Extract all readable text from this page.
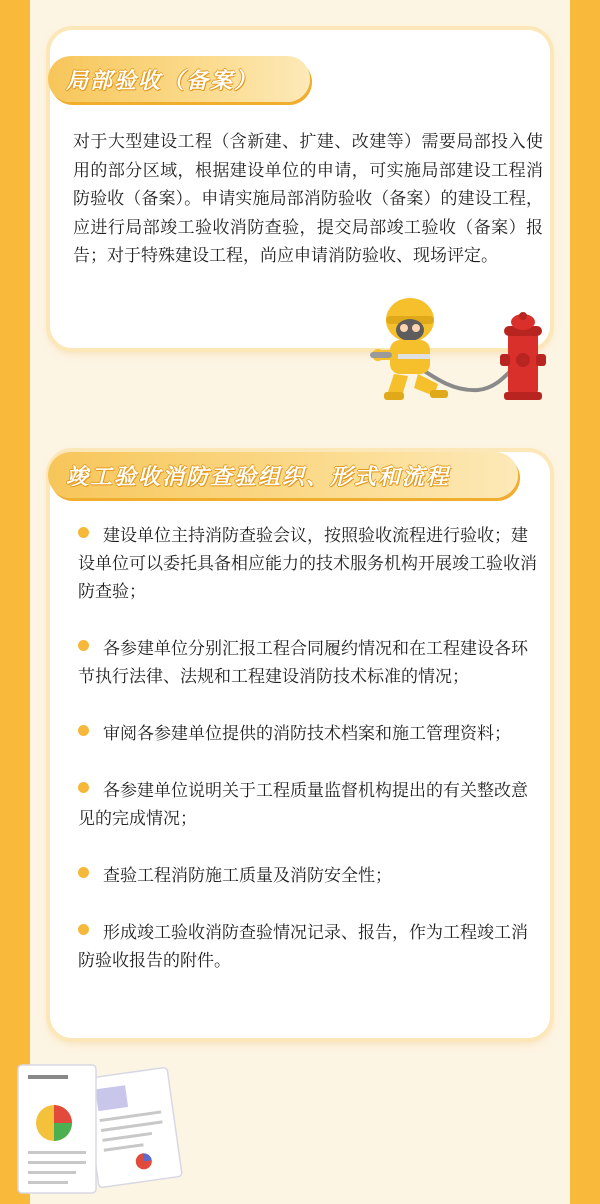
局部验收（备案）
对于大型建设工程（含新建、扩建、改建等）需要局部投入使用的部分区域，根据建设单位的申请，可实施局部建设工程消防验收（备案）。申请实施局部消防验收（备案）的建设工程，应进行局部竣工验收消防查验，提交局部竣工验收（备案）报告；对于特殊建设工程，尚应申请消防验收、现场评定。
竣工验收消防查验组织、形式和流程
建设单位主持消防查验会议，按照验收流程进行验收；建设单位可以委托具备相应能力的技术服务机构开展竣工验收消防查验；
各参建单位分别汇报工程合同履约情况和在工程建设各环节执行法律、法规和工程建设消防技术标准的情况；
审阅各参建单位提供的消防技术档案和施工管理资料；
各参建单位说明关于工程质量监督机构提出的有关整改意见的完成情况；
查验工程消防施工质量及消防安全性；
形成竣工验收消防查验情况记录、报告，作为工程竣工消防验收报告的附件。
